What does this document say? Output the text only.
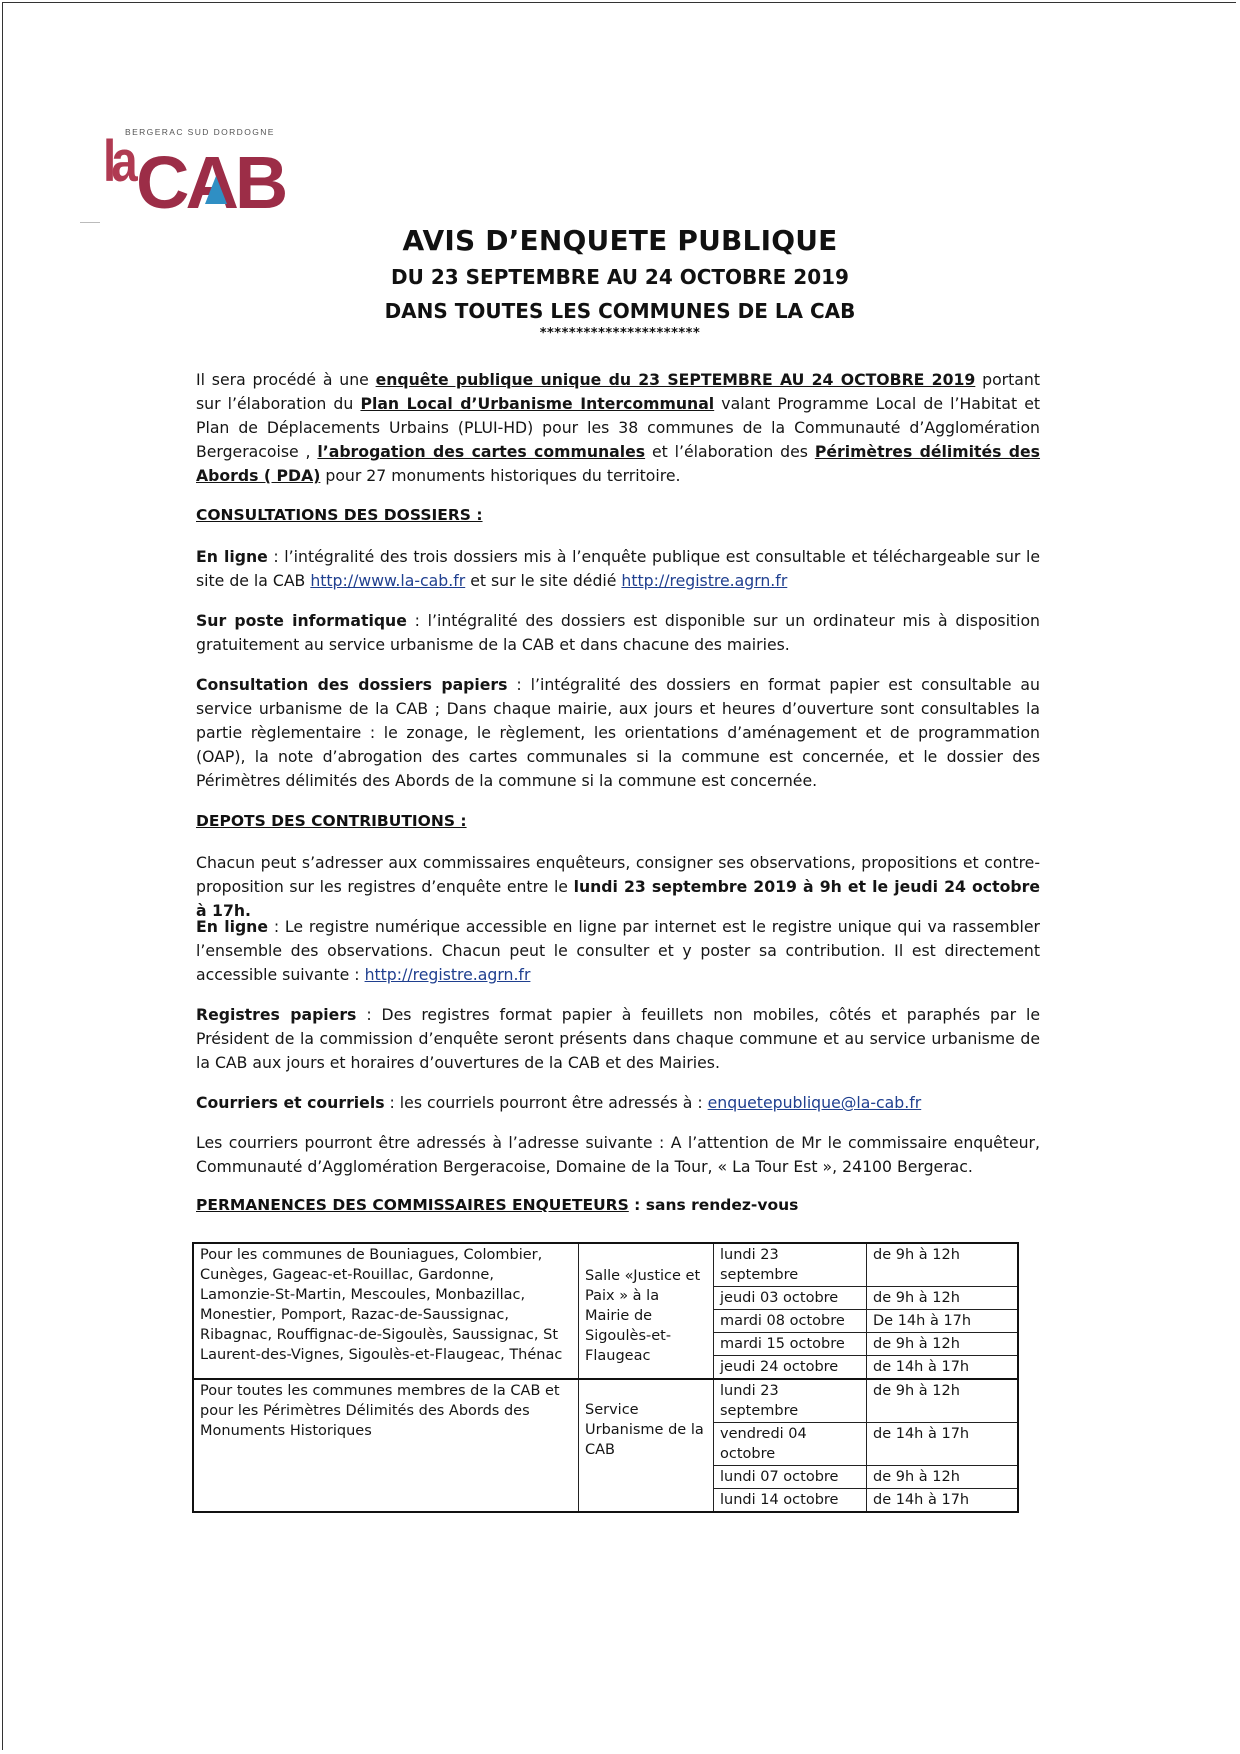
BERGERAC SUD DORDOGNE
la CAB
AVIS D’ENQUETE PUBLIQUE
DU 23 SEPTEMBRE AU 24 OCTOBRE 2019
DANS TOUTES LES COMMUNES DE LA CAB
**********************
Il sera procédé à une enquête publique unique du 23 SEPTEMBRE AU 24 OCTOBRE 2019 portant sur l’élaboration du Plan Local d’Urbanisme Intercommunal valant Programme Local de l’Habitat et Plan de Déplacements Urbains (PLUI-HD) pour les 38 communes de la Communauté d’Agglomération Bergeracoise , l’abrogation des cartes communales et l’élaboration des Périmètres délimités des Abords ( PDA) pour 27 monuments historiques du territoire.
CONSULTATIONS DES DOSSIERS :
En ligne : l’intégralité des trois dossiers mis à l’enquête publique est consultable et téléchargeable sur le site de la CAB http://www.la-cab.fr et sur le site dédié http://registre.agrn.fr
Sur poste informatique : l’intégralité des dossiers est disponible sur un ordinateur mis à disposition gratuitement au service urbanisme de la CAB et dans chacune des mairies.
Consultation des dossiers papiers : l’intégralité des dossiers en format papier est consultable au service urbanisme de la CAB ; Dans chaque mairie, aux jours et heures d’ouverture sont consultables la partie règlementaire : le zonage, le règlement, les orientations d’aménagement et de programmation (OAP), la note d’abrogation des cartes communales si la commune est concernée, et le dossier des Périmètres délimités des Abords de la commune si la commune est concernée.
DEPOTS DES CONTRIBUTIONS :
Chacun peut s’adresser aux commissaires enquêteurs, consigner ses observations, propositions et contre-proposition sur les registres d’enquête entre le lundi 23 septembre 2019 à 9h et le jeudi 24 octobre à 17h.
En ligne : Le registre numérique accessible en ligne par internet est le registre unique qui va rassembler l’ensemble des observations. Chacun peut le consulter et y poster sa contribution. Il est directement accessible suivante : http://registre.agrn.fr
Registres papiers : Des registres format papier à feuillets non mobiles, côtés et paraphés par le Président de la commission d’enquête seront présents dans chaque commune et au service urbanisme de la CAB aux jours et horaires d’ouvertures de la CAB et des Mairies.
Courriers et courriels : les courriels pourront être adressés à : enquetepublique@la-cab.fr
Les courriers pourront être adressés à l’adresse suivante : A l’attention de Mr le commissaire enquêteur, Communauté d’Agglomération Bergeracoise, Domaine de la Tour, « La Tour Est », 24100 Bergerac.
PERMANENCES DES COMMISSAIRES ENQUETEURS : sans rendez-vous
Pour les communes de Bouniagues, Colombier, Cunèges, Gageac-et-Rouillac, Gardonne, Lamonzie-St-Martin, Mescoules, Monbazillac, Monestier, Pomport, Razac-de-Saussignac, Ribagnac, Rouffignac-de-Sigoulès, Saussignac, St Laurent-des-Vignes, Sigoulès-et-Flaugeac, Thénac	Salle «Justice et Paix » à la Mairie de Sigoulès-et-Flaugeac	lundi 23 septembre	de 9h à 12h
		jeudi 03 octobre	de 9h à 12h
		mardi 08 octobre	De 14h à 17h
		mardi 15 octobre	de 9h à 12h
		jeudi 24 octobre	de 14h à 17h
Pour toutes les communes membres de la CAB et pour les Périmètres Délimités des Abords des Monuments Historiques	Service Urbanisme de la CAB	lundi 23 septembre	de 9h à 12h
		vendredi 04 octobre	de 14h à 17h
		lundi 07 octobre	de 9h à 12h
		lundi 14 octobre	de 14h à 17h
